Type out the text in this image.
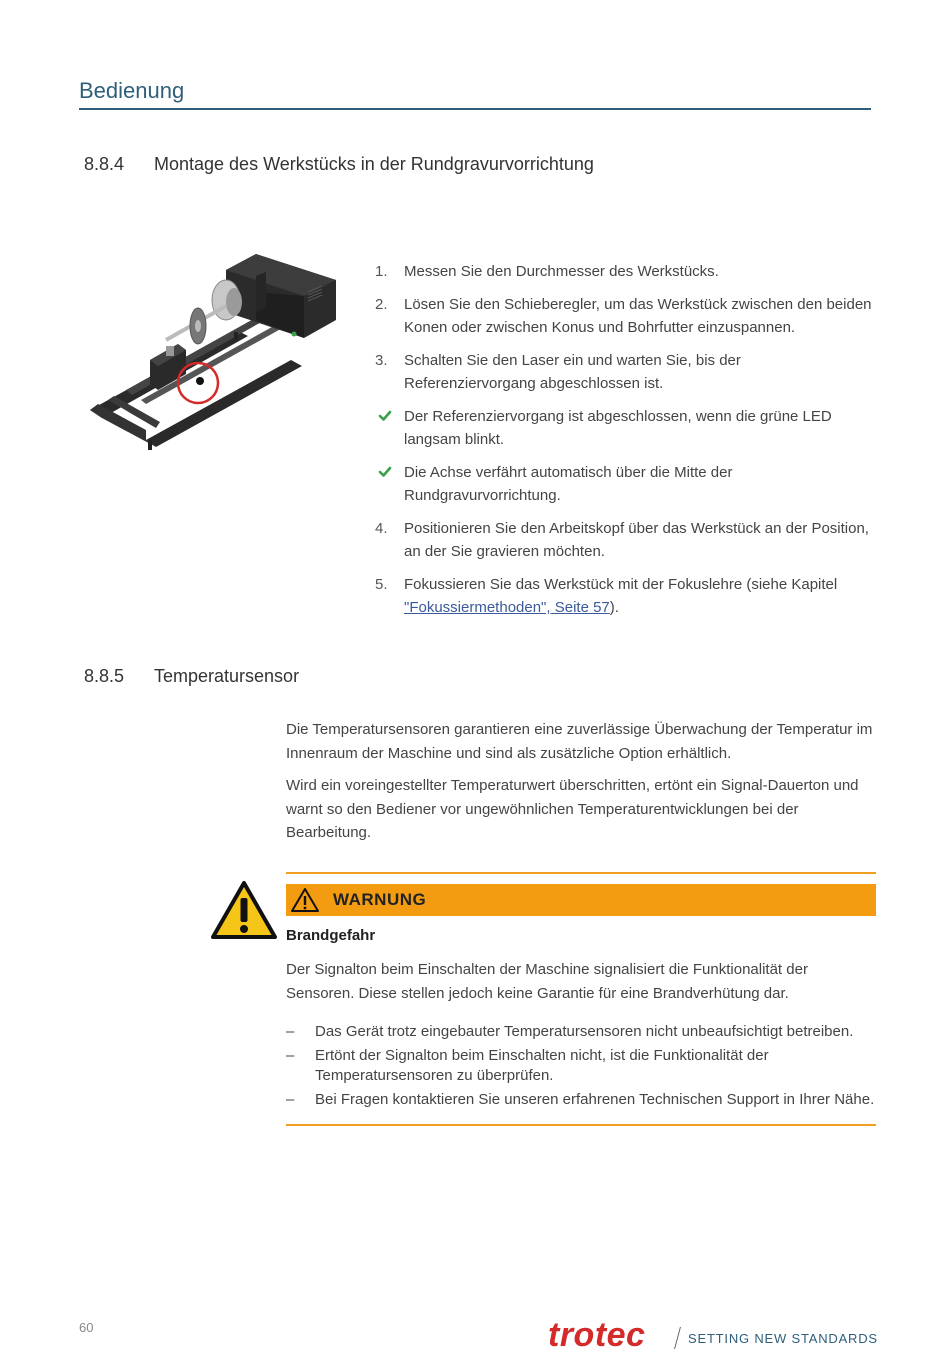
Bedienung
8.8.4 Montage des Werkstücks in der Rundgravurvorrichtung
1.	Messen Sie den Durchmesser des Werkstücks.
2.	Lösen Sie den Schieberegler, um das Werkstück zwischen den beiden Konen oder zwischen Konus und Bohrfutter einzuspannen.
3.	Schalten Sie den Laser ein und warten Sie, bis der Referenziervorgang abgeschlossen ist.
Der Referenziervorgang ist abgeschlossen, wenn die grüne LED langsam blinkt.
Die Achse verfährt automatisch über die Mitte der Rundgravurvorrichtung.
4.	Positionieren Sie den Arbeitskopf über das Werkstück an der Position, an der Sie gravieren möchten.
5.	Fokussieren Sie das Werkstück mit der Fokuslehre (siehe Kapitel "Fokussiermethoden", Seite 57).
8.8.5 Temperatursensor

Die Temperatursensoren garantieren eine zuverlässige Überwachung der Temperatur im Innenraum der Maschine und sind als zusätzliche Option erhältlich.

Wird ein voreingestellter Temperaturwert überschritten, ertönt ein Signal-Dauerton und warnt so den Bediener vor ungewöhnlichen Temperaturentwicklungen bei der Bearbeitung.

WARNUNG
Brandgefahr

Der Signalton beim Einschalten der Maschine signalisiert die Funktionalität der Sensoren. Diese stellen jedoch keine Garantie für eine Brandverhütung dar.

– Das Gerät trotz eingebauter Temperatursensoren nicht unbeaufsichtigt betreiben.
– Ertönt der Signalton beim Einschalten nicht, ist die Funktionalität der Temperatursensoren zu überprüfen.
– Bei Fragen kontaktieren Sie unseren erfahrenen Technischen Support in Ihrer Nähe.
60	trotec	SETTING NEW STANDARDS
